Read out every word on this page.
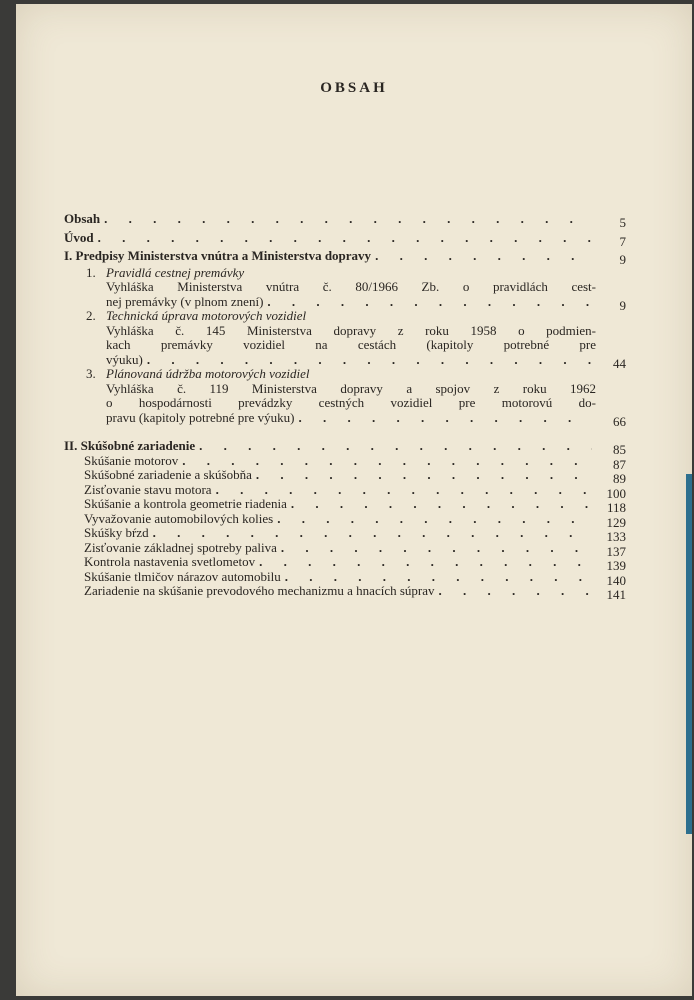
OBSAH
Obsah . . .	5
Úvod . . .	7
I. Predpisy Ministerstva vnútra a Ministerstva dopravy . . .	9
1. Pravidlá cestnej premávky
Vyhláška Ministerstva vnútra č. 80/1966 Zb. o pravidlách cest-
nej premávky (v plnom znení) . . .	9
2. Technická úprava motorových vozidiel
Vyhláška č. 145 Ministerstva dopravy z roku 1958 o podmien-
kach premávky vozidiel na cestách (kapitoly potrebné pre
výuku) . . .	44
3. Plánovaná údržba motorových vozidiel
Vyhláška č. 119 Ministerstva dopravy a spojov z roku 1962
o hospodárnosti prevádzky cestných vozidiel pre motorovú do-
pravu (kapitoly potrebné pre výuku) . . .	66
II. Skúšobné zariadenie . . .	85
Skúšanie motorov . . .	87
Skúšobné zariadenie a skúšobňa . . .	89
Zisťovanie stavu motora . . .	100
Skúšanie a kontrola geometrie riadenia . . .	118
Vyvažovanie automobilových kolies . . .	129
Skúšky bŕzd . . .	133
Zisťovanie základnej spotreby paliva . . .	137
Kontrola nastavenia svetlometov . . .	139
Skúšanie tlmičov nárazov automobilu . . .	140
Zariadenie na skúšanie prevodového mechanizmu a hnacích súprav . . .	141
